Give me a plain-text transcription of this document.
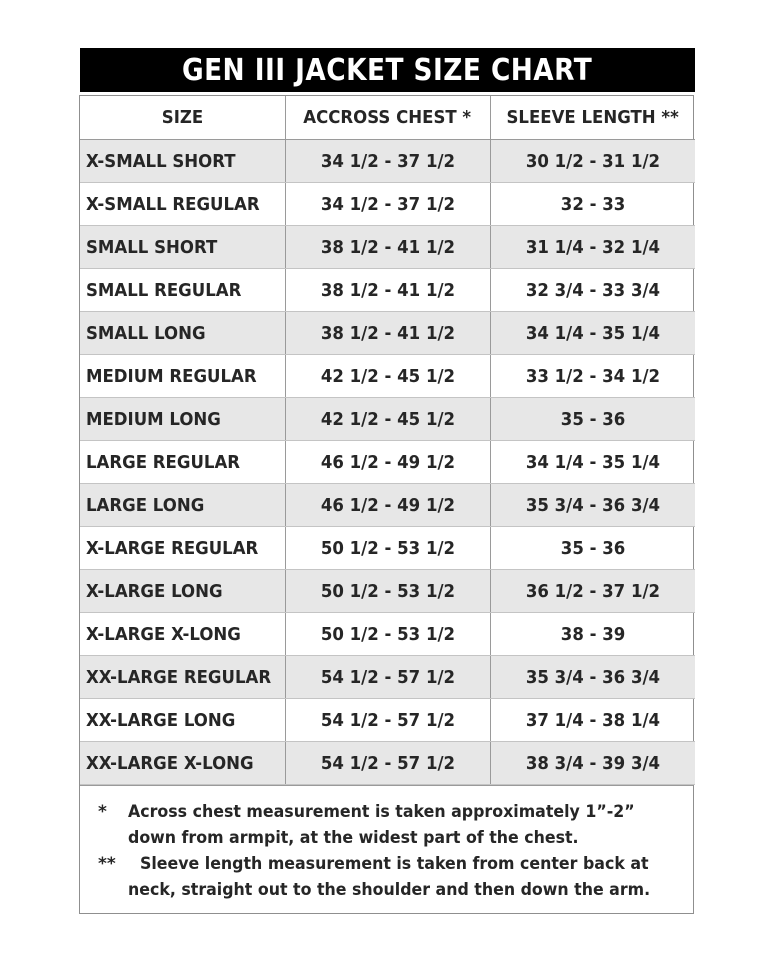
GEN III JACKET SIZE CHART
SIZE	ACCROSS CHEST *	SLEEVE LENGTH **
X-SMALL SHORT	34 1/2 - 37 1/2	30 1/2 - 31 1/2
X-SMALL REGULAR	34 1/2 - 37 1/2	32 - 33
SMALL SHORT	38 1/2 - 41 1/2	31 1/4 - 32 1/4
SMALL REGULAR	38 1/2 - 41 1/2	32 3/4 - 33 3/4
SMALL LONG	38 1/2 - 41 1/2	34 1/4 - 35 1/4
MEDIUM REGULAR	42 1/2 - 45 1/2	33 1/2 - 34 1/2
MEDIUM LONG	42 1/2 - 45 1/2	35 - 36
LARGE REGULAR	46 1/2 - 49 1/2	34 1/4 - 35 1/4
LARGE LONG	46 1/2 - 49 1/2	35 3/4 - 36 3/4
X-LARGE REGULAR	50 1/2 - 53 1/2	35 - 36
X-LARGE LONG	50 1/2 - 53 1/2	36 1/2 - 37 1/2
X-LARGE X-LONG	50 1/2 - 53 1/2	38 - 39
XX-LARGE REGULAR	54 1/2 - 57 1/2	35 3/4 - 36 3/4
XX-LARGE LONG	54 1/2 - 57 1/2	37 1/4 - 38 1/4
XX-LARGE X-LONG	54 1/2 - 57 1/2	38 3/4 - 39 3/4
*	Across chest measurement is taken approximately 1”-2”
down from armpit, at the widest part of the chest.
**	Sleeve length measurement is taken from center back at
neck, straight out to the shoulder and then down the arm.
